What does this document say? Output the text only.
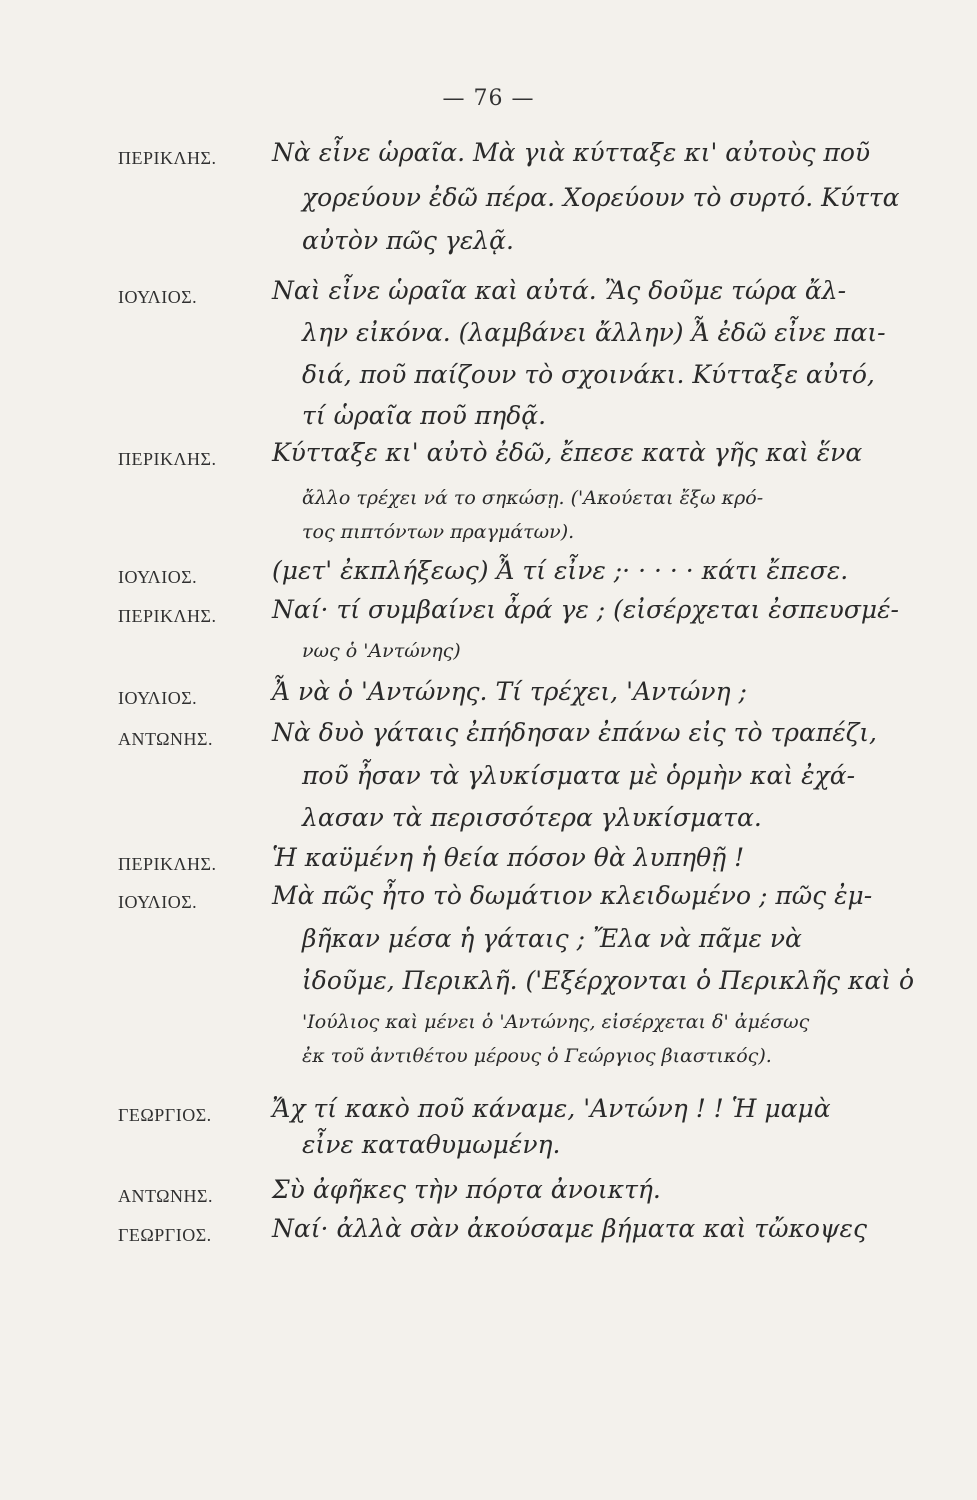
— 76 —
ΠΕΡΙΚΛΗΣ.	Νὰ εἶνε ὡραῖα. Μὰ γιὰ κύτταξε κι' αὐτοὺς ποῦ
χορεύουν ἐδῶ πέρα. Χορεύουν τὸ συρτό. Κύττα
αὐτὸν πῶς γελᾷ.
ΙΟΥΛΙΟΣ.	Ναὶ εἶνε ὡραῖα καὶ αὐτά. Ἂς δοῦμε τώρα ἄλ-
λην εἰκόνα. (λαμβάνει ἄλλην) Ἆ ἐδῶ εἶνε παι-
διά, ποῦ παίζουν τὸ σχοινάκι. Κύτταξε αὐτό,
τί ὡραῖα ποῦ πηδᾷ.
ΠΕΡΙΚΛΗΣ.	Κύτταξε κι' αὐτὸ ἐδῶ, ἔπεσε κατὰ γῆς καὶ ἕνα
ἄλλο τρέχει νά το σηκώσῃ. ('Ακούεται ἔξω κρό-
τος πιπτόντων πραγμάτων).
ΙΟΥΛΙΟΣ.	(μετ' ἐκπλήξεως) Ἆ τί εἶνε ;· · · · · κάτι ἔπεσε.
ΠΕΡΙΚΛΗΣ.	Ναί· τί συμβαίνει ἆρά γε ; (εἰσέρχεται ἐσπευσμέ-
νως ὁ 'Αντώνης)
ΙΟΥΛΙΟΣ.	Ἆ νὰ ὁ 'Αντώνης. Τί τρέχει, 'Αντώνη ;
ΑΝΤΩΝΗΣ.	Νὰ δυὸ γάταις ἐπήδησαν ἐπάνω εἰς τὸ τραπέζι,
ποῦ ἦσαν τὰ γλυκίσματα μὲ ὁρμὴν καὶ ἐχά-
λασαν τὰ περισσότερα γλυκίσματα.
ΠΕΡΙΚΛΗΣ.	Ἡ καϋμένη ἡ θεία πόσον θὰ λυπηθῇ !
ΙΟΥΛΙΟΣ.	Μὰ πῶς ἦτο τὸ δωμάτιον κλειδωμένο ; πῶς ἐμ-
βῆκαν μέσα ἡ γάταις ; Ἔλα νὰ πᾶμε νὰ
ἰδοῦμε, Περικλῆ. ('Εξέρχονται ὁ Περικλῆς καὶ ὁ
'Ιούλιος καὶ μένει ὁ 'Αντώνης, εἰσέρχεται δ' ἀμέσως
ἐκ τοῦ ἀντιθέτου μέρους ὁ Γεώργιος βιαστικός).
ΓΕΩΡΓΙΟΣ.	Ἄχ τί κακὸ ποῦ κάναμε, 'Αντώνη ! ! Ἡ μαμὰ
εἶνε καταθυμωμένη.
ΑΝΤΩΝΗΣ.	Σὺ ἀφῆκες τὴν πόρτα ἀνοικτή.
ΓΕΩΡΓΙΟΣ.	Ναί· ἀλλὰ σὰν ἀκούσαμε βήματα καὶ τὤκοψες
